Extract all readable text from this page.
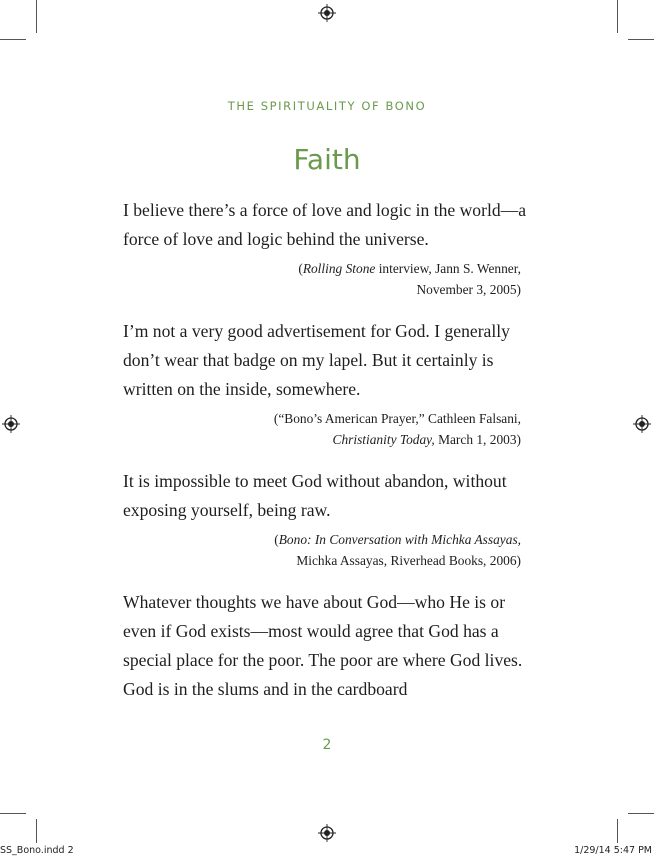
THE SPIRITUALITY OF BONO
Faith

I believe there’s a force of love and logic in the world—a force of love and logic behind the universe.

(Rolling Stone interview, Jann S. Wenner,
November 3, 2005)

I’m not a very good advertisement for God. I generally don’t wear that badge on my lapel. But it certainly is written on the inside, somewhere.

(“Bono’s American Prayer,” Cathleen Falsani,
Christianity Today, March 1, 2003)

It is impossible to meet God without abandon, without exposing yourself, being raw.

(Bono: In Conversation with Michka Assayas,
Michka Assayas, Riverhead Books, 2006)

Whatever thoughts we have about God—who He is or even if God exists—most would agree that God has a special place for the poor. The poor are where God lives. God is in the slums and in the cardboard

2
SS_Bono.indd 2	1/29/14 5:47 PM
